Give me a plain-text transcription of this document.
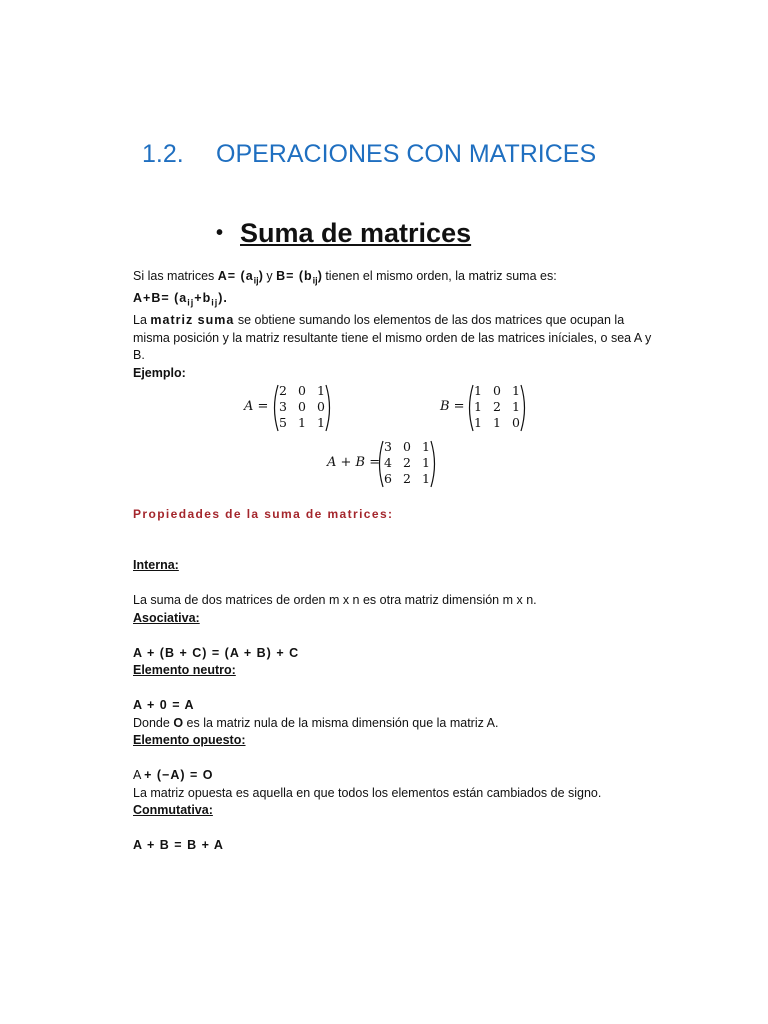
1.2. OPERACIONES CON MATRICES
• Suma de matrices
Si las matrices $A= (a_{ij})$ y $B= (b_{ij})$ tienen el mismo orden, la matriz suma es:
$A+B= (a_{ij}+b_{ij})$.
La matriz suma se obtiene sumando los elementos de las dos matrices que ocupan la misma posición y la matriz resultante tiene el mismo orden de las matrices iníciales, o sea A y B.
Ejemplo:
A =
2 0 1
3 0 0
5 1 1
B =
1 0 1
1 2 1
1 1 0
A + B =
3 0 1
4 2 1
6 2 1
Propiedades de la suma de matrices:
Interna:
La suma de dos matrices de orden m x n es otra matriz dimensión m x n.
Asociativa:
A + (B + C) = (A + B) + C
Elemento neutro:
A + 0 = A
Donde O es la matriz nula de la misma dimensión que la matriz A.
Elemento opuesto:
A + (−A) = O
La matriz opuesta es aquella en que todos los elementos están cambiados de signo.
Conmutativa:
A + B = B + A
